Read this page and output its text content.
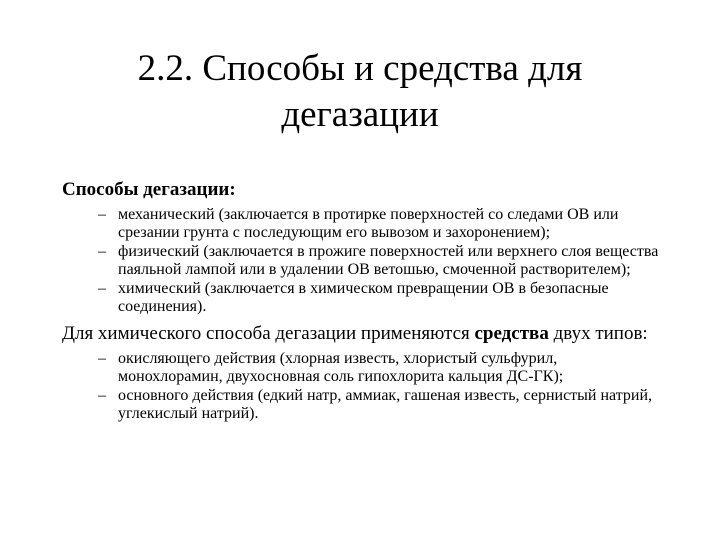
2.2. Способы и средства для
дегазации

Способы дегазации:

– механический (заключается в протирке поверхностей со следами ОВ или срезании грунта с последующим его вывозом и захоронением);
– физический (заключается в прожиге поверхностей или верхнего слоя вещества паяльной лампой или в удалении ОВ ветошью, смоченной растворителем);
– химический (заключается в химическом превращении ОВ в безопасные соединения).

Для химического способа дегазации применяются средства двух типов:

– окисляющего действия (хлорная известь, хлористый сульфурил, монохлорамин, двухосновная соль гипохлорита кальция ДС-ГК);
– основного действия (едкий натр, аммиак, гашеная известь, сернистый натрий, углекислый натрий).
